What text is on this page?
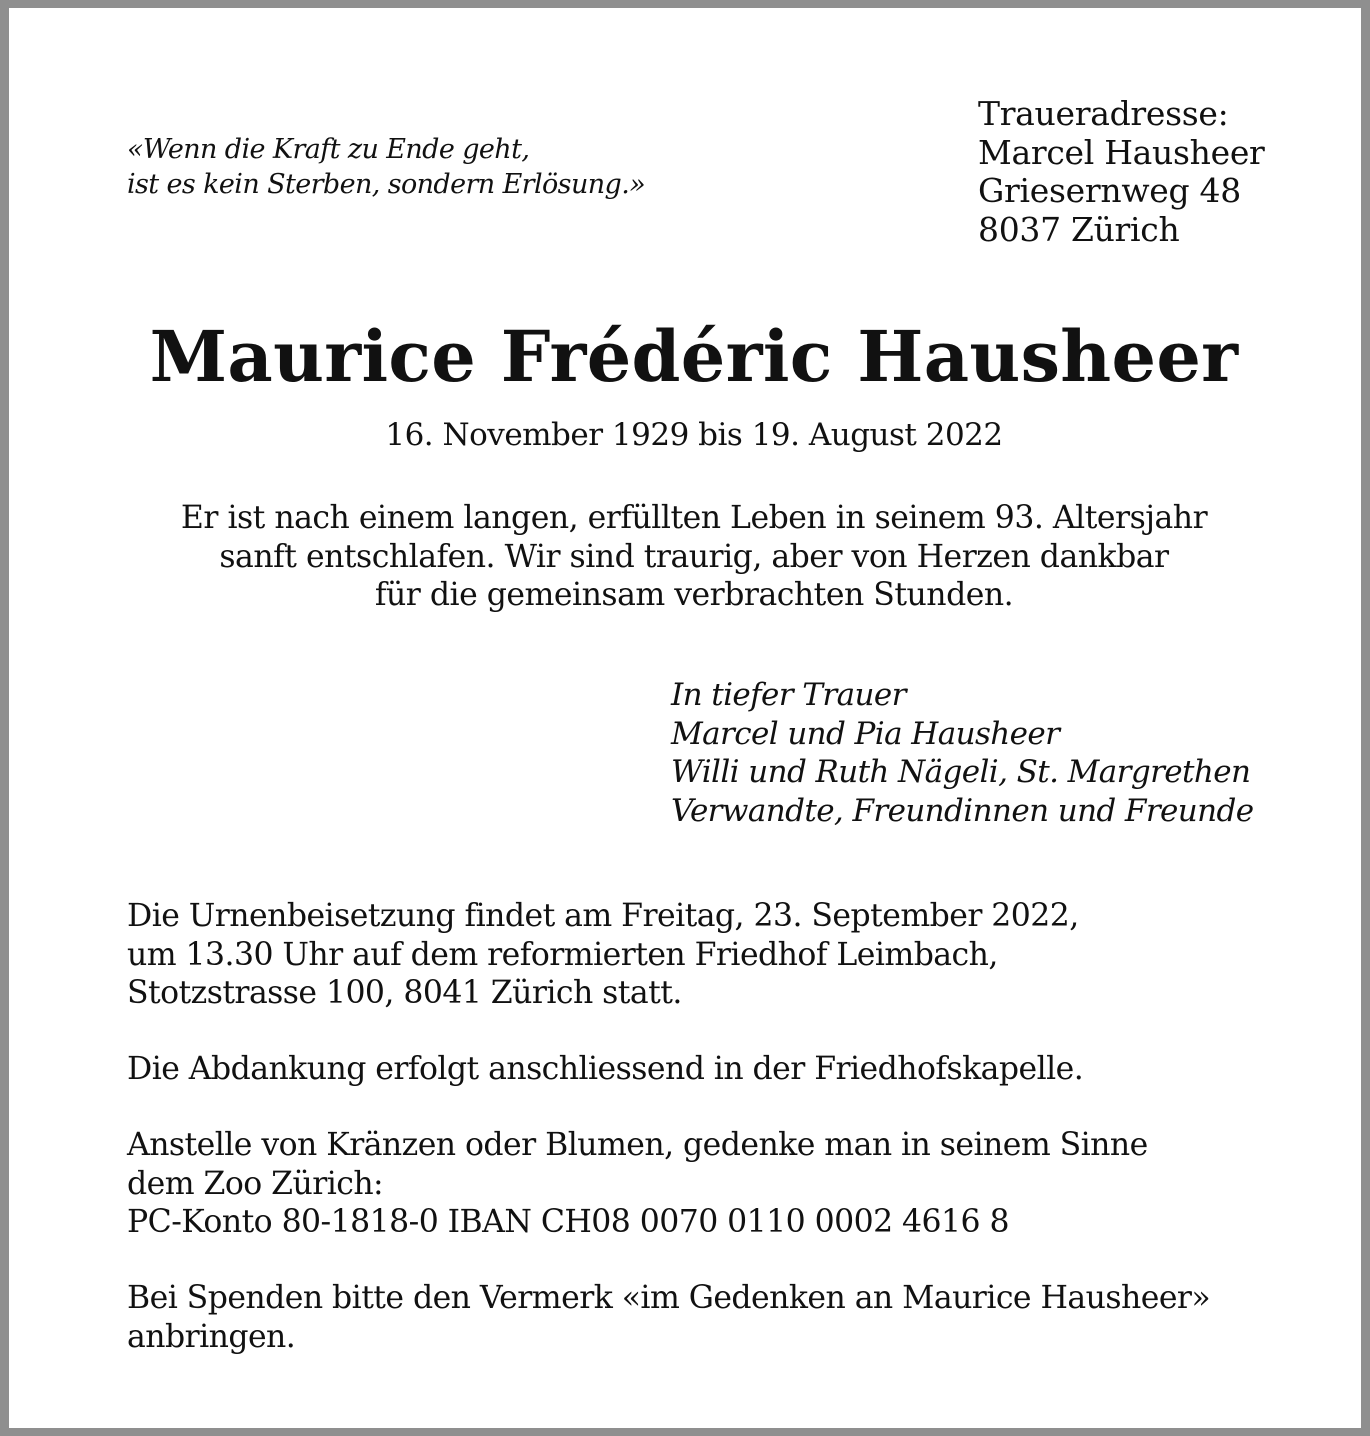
«Wenn die Kraft zu Ende geht,
ist es kein Sterben, sondern Erlösung.»
Traueradresse:
Marcel Hausheer
Griesernweg 48
8037 Zürich
Maurice Frédéric Hausheer
16. November 1929 bis 19. August 2022
Er ist nach einem langen, erfüllten Leben in seinem 93. Altersjahr
sanft entschlafen. Wir sind traurig, aber von Herzen dankbar
für die gemeinsam verbrachten Stunden.
In tiefer Trauer
Marcel und Pia Hausheer
Willi und Ruth Nägeli, St. Margrethen
Verwandte, Freundinnen und Freunde
Die Urnenbeisetzung findet am Freitag, 23. September 2022,
um 13.30 Uhr auf dem reformierten Friedhof Leimbach,
Stotzstrasse 100, 8041 Zürich statt.
Die Abdankung erfolgt anschliessend in der Friedhofskapelle.
Anstelle von Kränzen oder Blumen, gedenke man in seinem Sinne
dem Zoo Zürich:
PC-Konto 80-1818-0 IBAN CH08 0070 0110 0002 4616 8
Bei Spenden bitte den Vermerk «im Gedenken an Maurice Hausheer»
anbringen.
